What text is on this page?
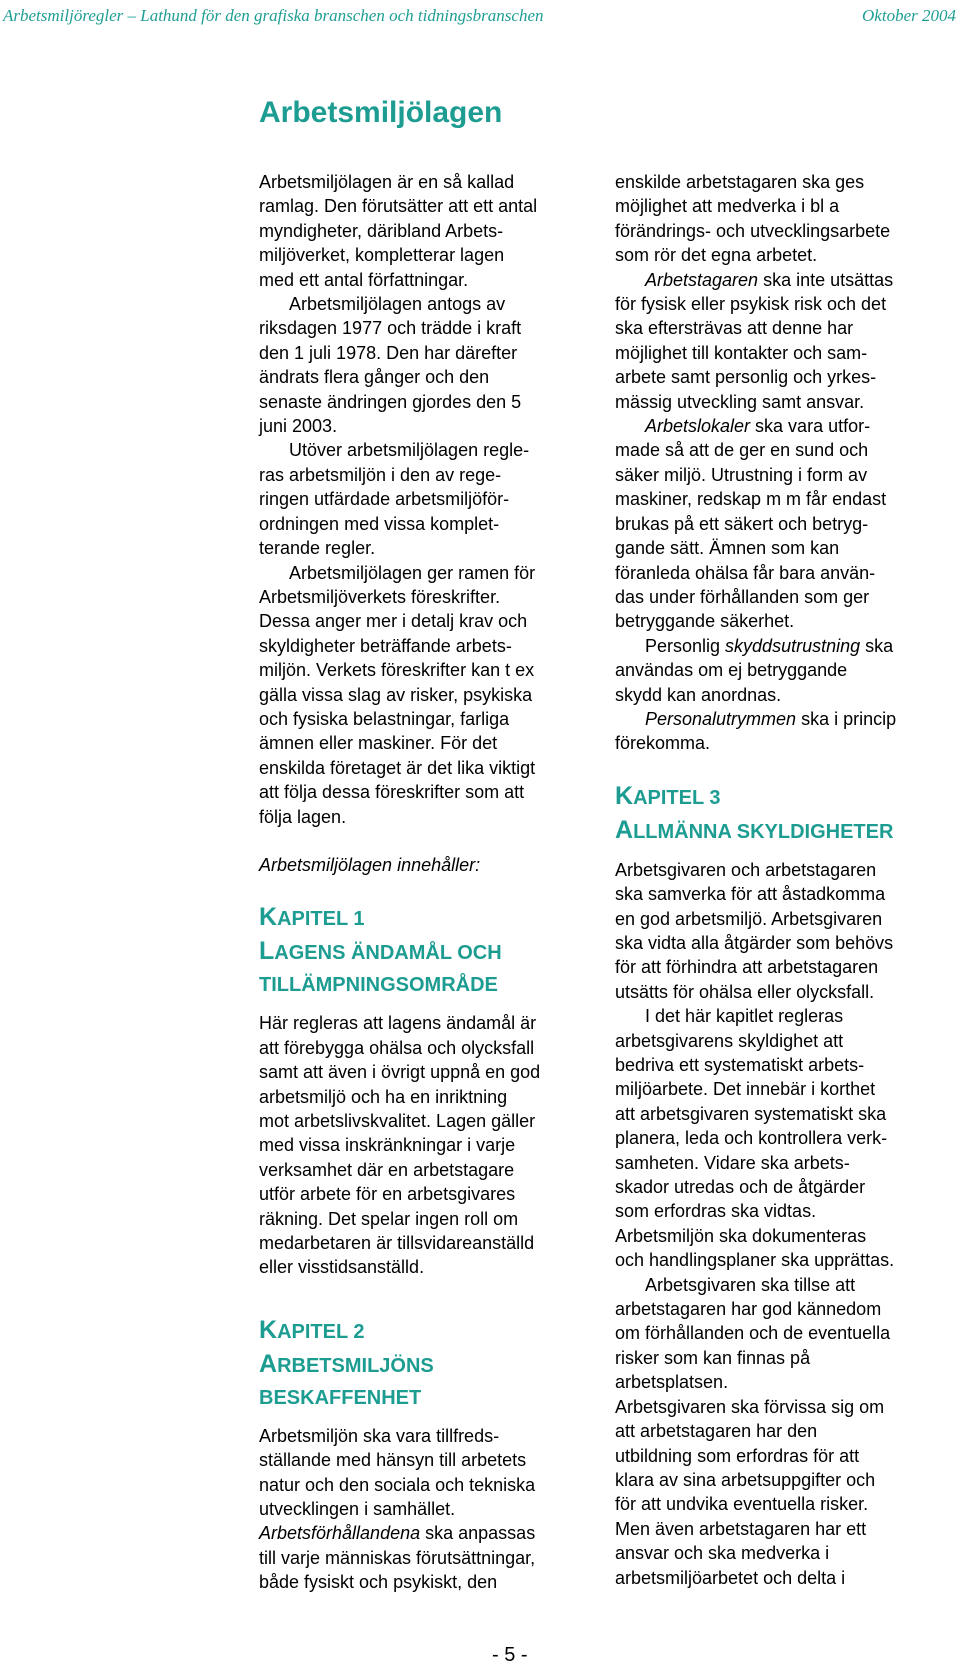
Arbetsmiljöregler – Lathund för den grafiska branschen och tidningsbranschen	Oktober 2004
Arbetsmiljölagen
Arbetsmiljölagen är en så kallad
ramlag. Den förutsätter att ett antal
myndigheter, däribland Arbets-
miljöverket, kompletterar lagen
med ett antal författningar.
Arbetsmiljölagen antogs av
riksdagen 1977 och trädde i kraft
den 1 juli 1978. Den har därefter
ändrats flera gånger och den
senaste ändringen gjordes den 5
juni 2003.
Utöver arbetsmiljölagen regle-
ras arbetsmiljön i den av rege-
ringen utfärdade arbetsmiljöför-
ordningen med vissa komplet-
terande regler.
Arbetsmiljölagen ger ramen för
Arbetsmiljöverkets föreskrifter.
Dessa anger mer i detalj krav och
skyldigheter beträffande arbets-
miljön. Verkets föreskrifter kan t ex
gälla vissa slag av risker, psykiska
och fysiska belastningar, farliga
ämnen eller maskiner. För det
enskilda företaget är det lika viktigt
att följa dessa föreskrifter som att
följa lagen.
Arbetsmiljölagen innehåller:
KAPITEL 1
LAGENS ÄNDAMÅL OCH
TILLÄMPNINGSOMRÅDE
Här regleras att lagens ändamål är
att förebygga ohälsa och olycksfall
samt att även i övrigt uppnå en god
arbetsmiljö och ha en inriktning
mot arbetslivskvalitet. Lagen gäller
med vissa inskränkningar i varje
verksamhet där en arbetstagare
utför arbete för en arbetsgivares
räkning. Det spelar ingen roll om
medarbetaren är tillsvidareanställd
eller visstidsanställd.
KAPITEL 2
ARBETSMILJÖNS
BESKAFFENHET
Arbetsmiljön ska vara tillfreds-
ställande med hänsyn till arbetets
natur och den sociala och tekniska
utvecklingen i samhället.
Arbetsförhållandena ska anpassas
till varje människas förutsättningar,
både fysiskt och psykiskt, den
enskilde arbetstagaren ska ges
möjlighet att medverka i bl a
förändrings- och utvecklingsarbete
som rör det egna arbetet.
Arbetstagaren ska inte utsättas
för fysisk eller psykisk risk och det
ska eftersträvas att denne har
möjlighet till kontakter och sam-
arbete samt personlig och yrkes-
mässig utveckling samt ansvar.
Arbetslokaler ska vara utfor-
made så att de ger en sund och
säker miljö. Utrustning i form av
maskiner, redskap m m får endast
brukas på ett säkert och betryg-
gande sätt. Ämnen som kan
föranleda ohälsa får bara använ-
das under förhållanden som ger
betryggande säkerhet.
Personlig skyddsutrustning ska
användas om ej betryggande
skydd kan anordnas.
Personalutrymmen ska i princip
förekomma.
KAPITEL 3
ALLMÄNNA SKYLDIGHETER
Arbetsgivaren och arbetstagaren
ska samverka för att åstadkomma
en god arbetsmiljö. Arbetsgivaren
ska vidta alla åtgärder som behövs
för att förhindra att arbetstagaren
utsätts för ohälsa eller olycksfall.
I det här kapitlet regleras
arbetsgivarens skyldighet att
bedriva ett systematiskt arbets-
miljöarbete. Det innebär i korthet
att arbetsgivaren systematiskt ska
planera, leda och kontrollera verk-
samheten. Vidare ska arbets-
skador utredas och de åtgärder
som erfordras ska vidtas.
Arbetsmiljön ska dokumenteras
och handlingsplaner ska upprättas.
Arbetsgivaren ska tillse att
arbetstagaren har god kännedom
om förhållanden och de eventuella
risker som kan finnas på
arbetsplatsen.
Arbetsgivaren ska förvissa sig om
att arbetstagaren har den
utbildning som erfordras för att
klara av sina arbetsuppgifter och
för att undvika eventuella risker.
Men även arbetstagaren har ett
ansvar och ska medverka i
arbetsmiljöarbetet och delta i
- 5 -
